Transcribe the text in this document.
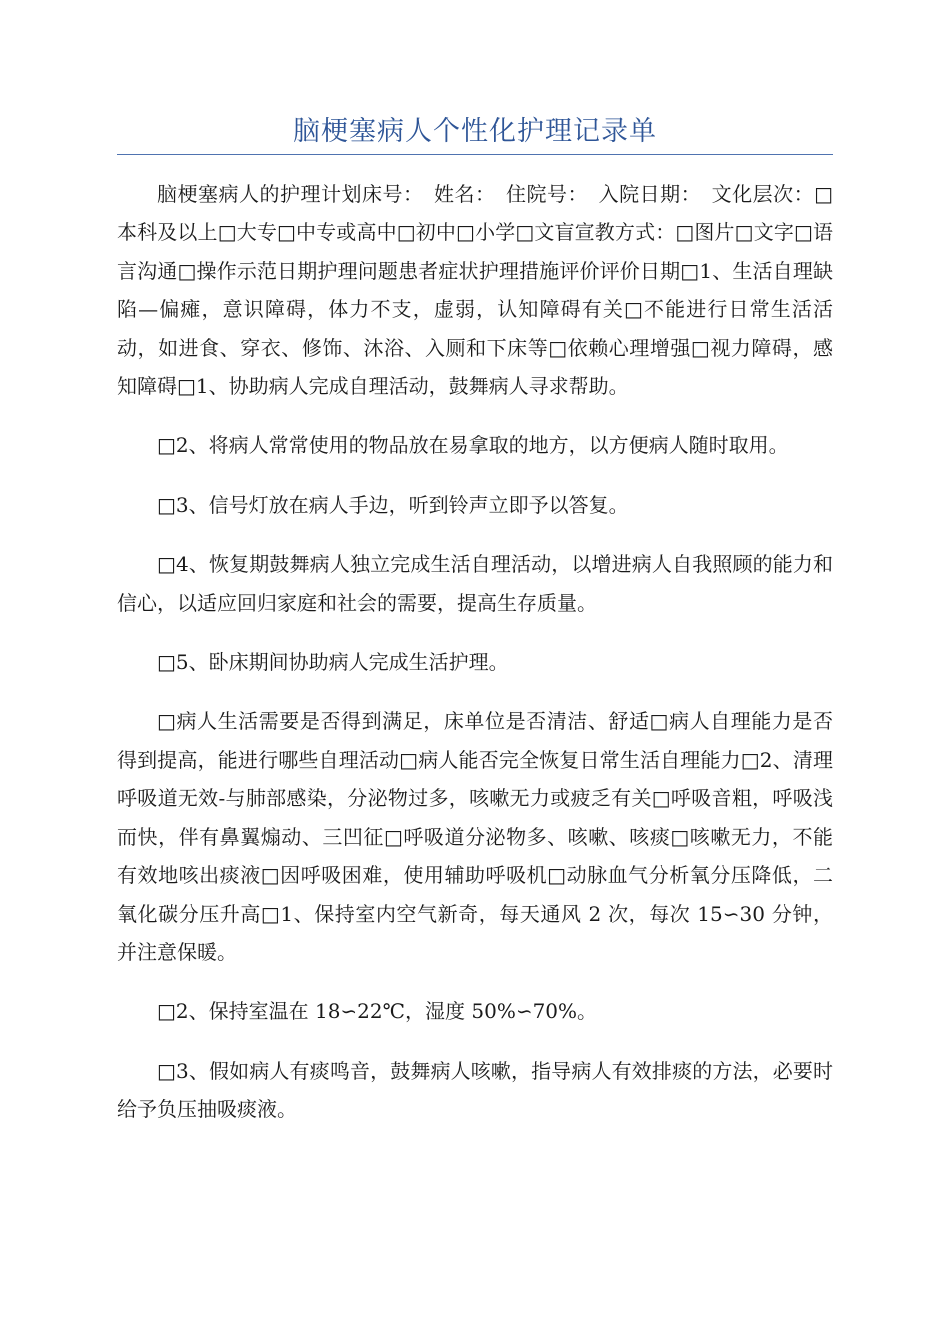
脑梗塞病人个性化护理记录单

脑梗塞病人的护理计划床号：　姓名：　住院号：　入院日期：　文化层次：□本科及以上□大专□中专或高中□初中□小学□文盲宣教方式：□图片□文字□语言沟通□操作示范日期护理问题患者症状护理措施评价评价日期□1、生活自理缺陷—偏瘫，意识障碍，体力不支，虚弱，认知障碍有关□不能进行日常生活活动，如进食、穿衣、修饰、沐浴、入厕和下床等□依赖心理增强□视力障碍，感知障碍□1、协助病人完成自理活动，鼓舞病人寻求帮助。

□2、将病人常常使用的物品放在易拿取的地方，以方便病人随时取用。

□3、信号灯放在病人手边，听到铃声立即予以答复。

□4、恢复期鼓舞病人独立完成生活自理活动，以增进病人自我照顾的能力和信心，以适应回归家庭和社会的需要，提高生存质量。

□5、卧床期间协助病人完成生活护理。

□病人生活需要是否得到满足，床单位是否清洁、舒适□病人自理能力是否得到提高，能进行哪些自理活动□病人能否完全恢复日常生活自理能力□2、清理呼吸道无效-与肺部感染，分泌物过多，咳嗽无力或疲乏有关□呼吸音粗，呼吸浅而快，伴有鼻翼煽动、三凹征□呼吸道分泌物多、咳嗽、咳痰□咳嗽无力，不能有效地咳出痰液□因呼吸困难，使用辅助呼吸机□动脉血气分析氧分压降低，二氧化碳分压升高□1、保持室内空气新奇，每天通风 2 次，每次 15∽30 分钟，并注意保暖。

□2、保持室温在 18∽22℃，湿度 50%∽70%。

□3、假如病人有痰鸣音，鼓舞病人咳嗽，指导病人有效排痰的方法，必要时给予负压抽吸痰液。
